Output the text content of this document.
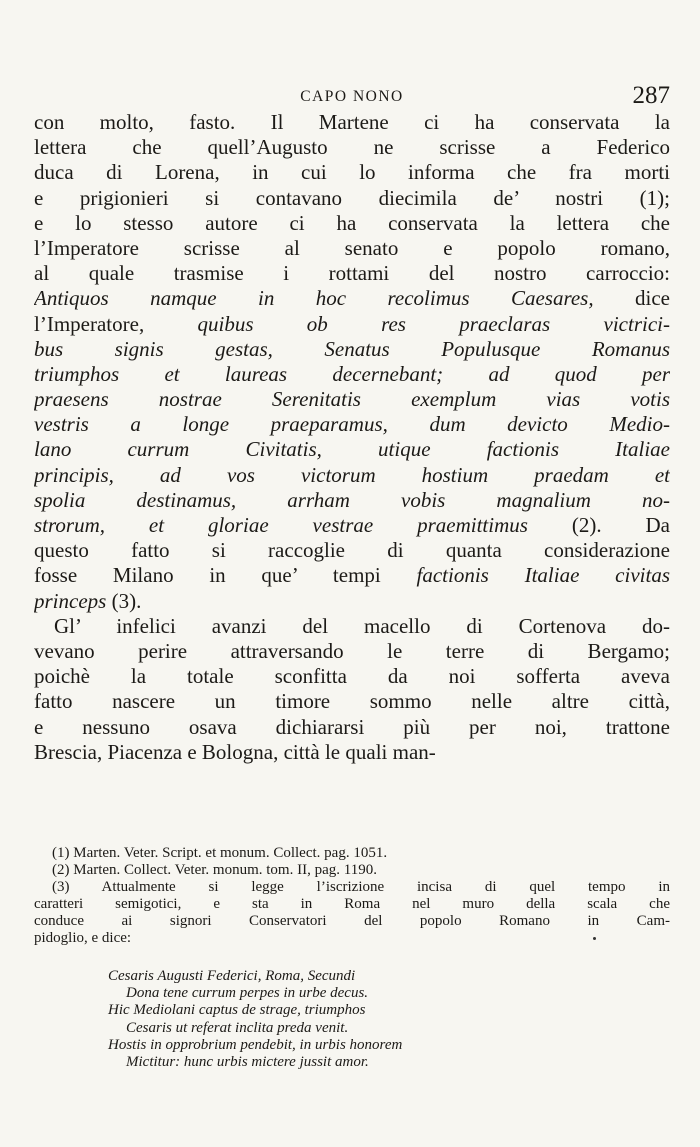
CAPO NONO	287
con molto, fasto. Il Martene ci ha conservata la
lettera che quell’Augusto ne scrisse a Federico
duca di Lorena, in cui lo informa che fra morti
e prigionieri si contavano diecimila de’ nostri (1);
e lo stesso autore ci ha conservata la lettera che
l’Imperatore scrisse al senato e popolo romano,
al quale trasmise i rottami del nostro carroccio:
Antiquos namque in hoc recolimus Caesares, dice
l’Imperatore, quibus ob res praeclaras victrici-
bus signis gestas, Senatus Populusque Romanus
triumphos et laureas decernebant; ad quod per
praesens nostrae Serenitatis exemplum vias votis
vestris a longe praeparamus, dum devicto Medio-
lano currum Civitatis, utique factionis Italiae
principis, ad vos victorum hostium praedam et
spolia destinamus, arrham vobis magnalium no-
strorum, et gloriae vestrae praemittimus (2). Da
questo fatto si raccoglie di quanta considerazione
fosse Milano in que’ tempi factionis Italiae civitas
princeps (3).
Gl’ infelici avanzi del macello di Cortenova do-
vevano perire attraversando le terre di Bergamo;
poichè la totale sconfitta da noi sofferta aveva
fatto nascere un timore sommo nelle altre città,
e nessuno osava dichiararsi più per noi, trattone
Brescia, Piacenza e Bologna, città le quali man-
(1) Marten. Veter. Script. et monum. Collect. pag. 1051.
(2) Marten. Collect. Veter. monum. tom. II, pag. 1190.
(3) Attualmente si legge l’iscrizione incisa di quel tempo in
caratteri semigotici, e sta in Roma nel muro della scala che
conduce ai signori Conservatori del popolo Romano in Cam-
pidoglio, e dice:
Cesaris Augusti Federici, Roma, Secundi
Dona tene currum perpes in urbe decus.
Hic Mediolani captus de strage, triumphos
Cesaris ut referat inclita preda venit.
Hostis in opprobrium pendebit, in urbis honorem
Mictitur: hunc urbis mictere jussit amor.
